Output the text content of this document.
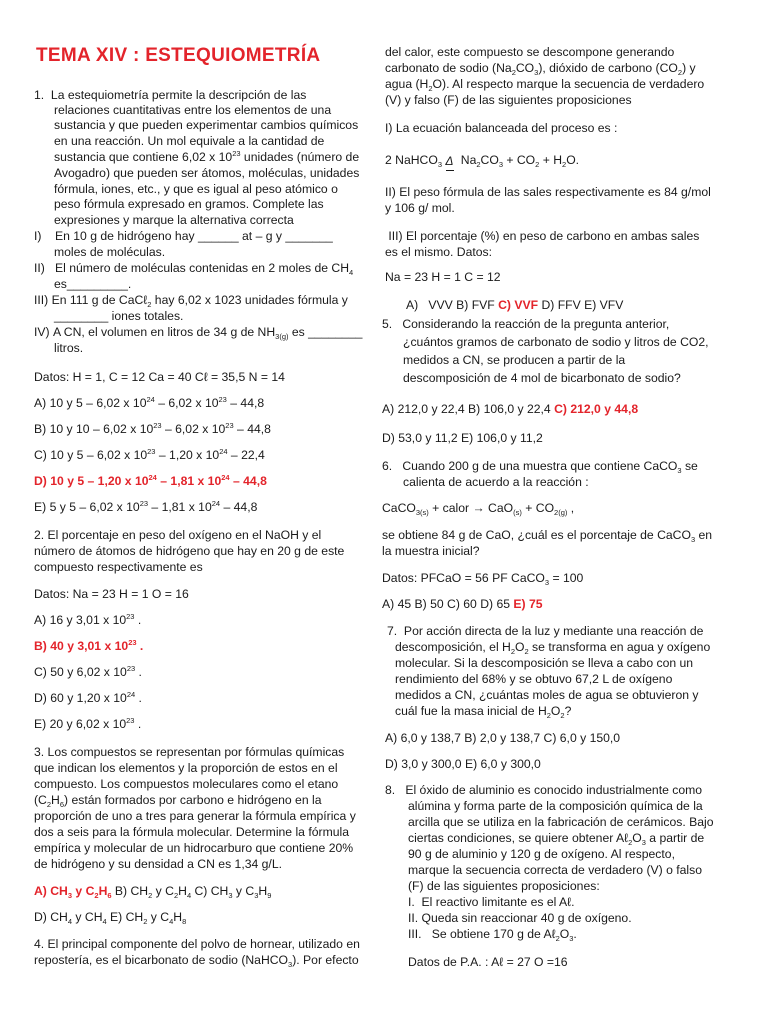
TEMA XIV : ESTEQUIOMETRÍA
1.  La estequiometría permite la descripción de las
relaciones cuantitativas entre los elementos de una
sustancia y que pueden experimentar cambios químicos
en una reacción. Un mol equivale a la cantidad de
sustancia que contiene 6,02 x $10^{23}$ unidades (número de
Avogadro) que pueden ser átomos, moléculas, unidades
fórmula, iones, etc., y que es igual al peso atómico o
peso fórmula expresado en gramos. Complete las
expresiones y marque la alternativa correcta
I)    En 10 g de hidrógeno hay ______ at – g y _______
moles de moléculas.
II)   El número de moléculas contenidas en 2 moles de $CH_4$
es_________.
III) En 111 g de CaCℓ$_2$ hay 6,02 x 1023 unidades fórmula y
________ iones totales.
IV) A CN, el volumen en litros de 34 g de $NH_{3(g)}$ es ________
litros.
Datos: H = 1, C = 12 Ca = 40 Cℓ = 35,5 N = 14
A) 10 y 5 – 6,02 x $10^{24} - 6,02$ x $10^{23} - 44,8$
B) 10 y 10 – 6,02 x $10^{23} - 6,02$ x $10^{23} - 44,8$
C) 10 y 5 – 6,02 x $10^{23} - 1,20$ x $10^{24} - 22,4$
D) 10 y 5 – 1,20 x $10^{24} - 1,81$ x $10^{24} - 44,8$
E) 5 y 5 – 6,02 x $10^{23} - 1,81$ x $10^{24} - 44,8$
2. El porcentaje en peso del oxígeno en el NaOH y el
número de átomos de hidrógeno que hay en 20 g de este
compuesto respectivamente es
Datos: Na = 23 H = 1 O = 16
A) 16 y 3,01 x $10^{23}$ .
B) 40 y 3,01 x $10^{23}$ .
C) 50 y 6,02 x $10^{23}$ .
D) 60 y 1,20 x $10^{24}$ .
E) 20 y 6,02 x $10^{23}$ .
3. Los compuestos se representan por fórmulas químicas
que indican los elementos y la proporción de estos en el
compuesto. Los compuestos moleculares como el etano
$(C_2H_6)$ están formados por carbono e hidrógeno en la
proporción de uno a tres para generar la fórmula empírica y
dos a seis para la fórmula molecular. Determine la fórmula
empírica y molecular de un hidrocarburo que contiene 20%
de hidrógeno y su densidad a CN es 1,34 g/L.
A) $CH_3$ y $C_2H_6$ B) $CH_2$ y $C_2H_4$ C) $CH_3$ y $C_3H_9$
D) $CH_4$ y $CH_4$ E) $CH_2$ y $C_4H_8$
4. El principal componente del polvo de hornear, utilizado en
repostería, es el bicarbonato de sodio (NaHCO$_3$). Por efecto
del calor, este compuesto se descompone generando
carbonato de sodio $(Na_2CO_3)$, dióxido de carbono $(CO_2)$ y
agua $(H_2O)$. Al respecto marque la secuencia de verdadero
(V) y falso (F) de las siguientes proposiciones
I) La ecuación balanceada del proceso es :
2 NaHCO$_3$ Δ $Na_2CO_3 + CO_2 + H_2O$.
II) El peso fórmula de las sales respectivamente es 84 g/mol
y 106 g/ mol.
III) El porcentaje (%) en peso de carbono en ambas sales
es el mismo. Datos:
Na = 23 H = 1 C = 12
A)   VVV B) FVF C) VVF D) FFV E) VFV
5.   Considerando la reacción de la pregunta anterior,
¿cuántos gramos de carbonato de sodio y litros de CO2,
medidos a CN, se producen a partir de la
descomposición de 4 mol de bicarbonato de sodio?
A) 212,0 y 22,4 B) 106,0 y 22,4 C) 212,0 y 44,8
D) 53,0 y 11,2 E) 106,0 y 11,2
6.   Cuando 200 g de una muestra que contiene CaCO$_3$ se
calienta de acuerdo a la reacción :
CaCO$_{3(s)}$ + calor → $CaO_{(s)} + CO_{2(g)}$ ,
se obtiene 84 g de CaO, ¿cuál es el porcentaje de CaCO$_3$ en
la muestra inicial?
Datos: PFCaO = 56 PF CaCO$_3$ = 100
A) 45 B) 50 C) 60 D) 65 E) 75
7.  Por acción directa de la luz y mediante una reacción de
descomposición, el $H_2O_2$ se transforma en agua y oxígeno
molecular. Si la descomposición se lleva a cabo con un
rendimiento del 68% y se obtuvo 67,2 L de oxígeno
medidos a CN, ¿cuántas moles de agua se obtuvieron y
cuál fue la masa inicial de $H_2O_2$?
A) 6,0 y 138,7 B) 2,0 y 138,7 C) 6,0 y 150,0
D) 3,0 y 300,0 E) 6,0 y 300,0
8.   El óxido de aluminio es conocido industrialmente como
alúmina y forma parte de la composición química de la
arcilla que se utiliza en la fabricación de cerámicos. Bajo
ciertas condiciones, se quiere obtener $A\ell_2O_3$ a partir de
90 g de aluminio y 120 g de oxígeno. Al respecto,
marque la secuencia correcta de verdadero (V) o falso
(F) de las siguientes proposiciones:
I.  El reactivo limitante es el Aℓ.
II. Queda sin reaccionar 40 g de oxígeno.
III.   Se obtiene 170 g de $A\ell_2O_3$.
Datos de P.A. : Aℓ = 27 O =16
